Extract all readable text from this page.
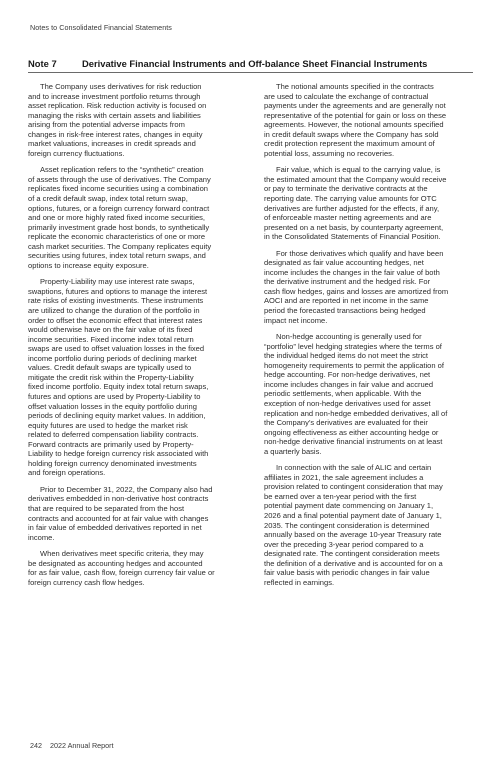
Notes to Consolidated Financial Statements
Note 7	Derivative Financial Instruments and Off-balance Sheet Financial Instruments

The Company uses derivatives for risk reduction
and to increase investment portfolio returns through
asset replication. Risk reduction activity is focused on
managing the risks with certain assets and liabilities
arising from the potential adverse impacts from
changes in risk-free interest rates, changes in equity
market valuations, increases in credit spreads and
foreign currency fluctuations.

Asset replication refers to the “synthetic” creation
of assets through the use of derivatives. The Company
replicates fixed income securities using a combination
of a credit default swap, index total return swap,
options, futures, or a foreign currency forward contract
and one or more highly rated fixed income securities,
primarily investment grade host bonds, to synthetically
replicate the economic characteristics of one or more
cash market securities. The Company replicates equity
securities using futures, index total return swaps, and
options to increase equity exposure.

Property-Liability may use interest rate swaps,
swaptions, futures and options to manage the interest
rate risks of existing investments. These instruments
are utilized to change the duration of the portfolio in
order to offset the economic effect that interest rates
would otherwise have on the fair value of its fixed
income securities. Fixed income index total return
swaps are used to offset valuation losses in the fixed
income portfolio during periods of declining market
values. Credit default swaps are typically used to
mitigate the credit risk within the Property-Liability
fixed income portfolio. Equity index total return swaps,
futures and options are used by Property-Liability to
offset valuation losses in the equity portfolio during
periods of declining equity market values. In addition,
equity futures are used to hedge the market risk
related to deferred compensation liability contracts.
Forward contracts are primarily used by Property-
Liability to hedge foreign currency risk associated with
holding foreign currency denominated investments
and foreign operations.

Prior to December 31, 2022, the Company also had
derivatives embedded in non-derivative host contracts
that are required to be separated from the host
contracts and accounted for at fair value with changes
in fair value of embedded derivatives reported in net
income.

When derivatives meet specific criteria, they may
be designated as accounting hedges and accounted
for as fair value, cash flow, foreign currency fair value or
foreign currency cash flow hedges.

The notional amounts specified in the contracts
are used to calculate the exchange of contractual
payments under the agreements and are generally not
representative of the potential for gain or loss on these
agreements. However, the notional amounts specified
in credit default swaps where the Company has sold
credit protection represent the maximum amount of
potential loss, assuming no recoveries.

Fair value, which is equal to the carrying value, is
the estimated amount that the Company would receive
or pay to terminate the derivative contracts at the
reporting date. The carrying value amounts for OTC
derivatives are further adjusted for the effects, if any,
of enforceable master netting agreements and are
presented on a net basis, by counterparty agreement,
in the Consolidated Statements of Financial Position.

For those derivatives which qualify and have been
designated as fair value accounting hedges, net
income includes the changes in the fair value of both
the derivative instrument and the hedged risk. For
cash flow hedges, gains and losses are amortized from
AOCI and are reported in net income in the same
period the forecasted transactions being hedged
impact net income.

Non-hedge accounting is generally used for
“portfolio” level hedging strategies where the terms of
the individual hedged items do not meet the strict
homogeneity requirements to permit the application of
hedge accounting. For non-hedge derivatives, net
income includes changes in fair value and accrued
periodic settlements, when applicable. With the
exception of non-hedge derivatives used for asset
replication and non-hedge embedded derivatives, all of
the Company’s derivatives are evaluated for their
ongoing effectiveness as either accounting hedge or
non-hedge derivative financial instruments on at least
a quarterly basis.

In connection with the sale of ALIC and certain
affiliates in 2021, the sale agreement includes a
provision related to contingent consideration that may
be earned over a ten-year period with the first
potential payment date commencing on January 1,
2026 and a final potential payment date of January 1,
2035. The contingent consideration is determined
annually based on the average 10-year Treasury rate
over the preceding 3-year period compared to a
designated rate. The contingent consideration meets
the definition of a derivative and is accounted for on a
fair value basis with periodic changes in fair value
reflected in earnings.

242 2022 Annual Report
